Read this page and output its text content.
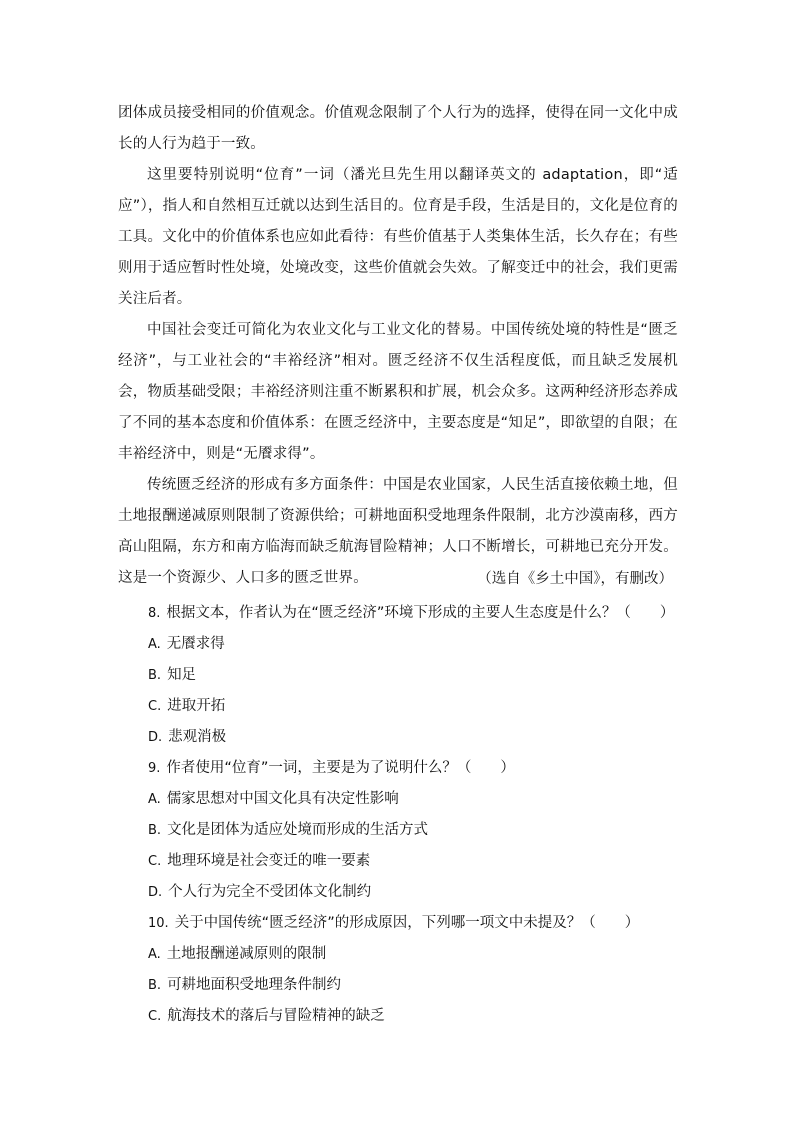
团体成员接受相同的价值观念。价值观念限制了个人行为的选择，使得在同一文化中成长的人行为趋于一致。

这里要特别说明“位育”一词（潘光旦先生用以翻译英文的 adaptation，即“适应”），指人和自然相互迁就以达到生活目的。位育是手段，生活是目的，文化是位育的工具。文化中的价值体系也应如此看待：有些价值基于人类集体生活，长久存在；有些则用于适应暂时性处境，处境改变，这些价值就会失效。了解变迁中的社会，我们更需关注后者。

中国社会变迁可简化为农业文化与工业文化的替易。中国传统处境的特性是“匮乏经济”，与工业社会的“丰裕经济”相对。匮乏经济不仅生活程度低，而且缺乏发展机会，物质基础受限；丰裕经济则注重不断累积和扩展，机会众多。这两种经济形态养成了不同的基本态度和价值体系：在匮乏经济中，主要态度是“知足”，即欲望的自限；在丰裕经济中，则是“无餍求得”。

传统匮乏经济的形成有多方面条件：中国是农业国家，人民生活直接依赖土地，但土地报酬递减原则限制了资源供给；可耕地面积受地理条件限制，北方沙漠南移，西方高山阻隔，东方和南方临海而缺乏航海冒险精神；人口不断增长，可耕地已充分开发。这是一个资源少、人口多的匮乏世界。	（选自《乡土中国》，有删改）
8. 根据文本，作者认为在“匮乏经济”环境下形成的主要人生态度是什么？（　　）
A. 无餍求得
B. 知足
C. 进取开拓
D. 悲观消极
9. 作者使用“位育”一词，主要是为了说明什么？（　　）
A. 儒家思想对中国文化具有决定性影响
B. 文化是团体为适应处境而形成的生活方式
C. 地理环境是社会变迁的唯一要素
D. 个人行为完全不受团体文化制约
10. 关于中国传统“匮乏经济”的形成原因，下列哪一项文中未提及？（　　）
A. 土地报酬递减原则的限制
B. 可耕地面积受地理条件制约
C. 航海技术的落后与冒险精神的缺乏
